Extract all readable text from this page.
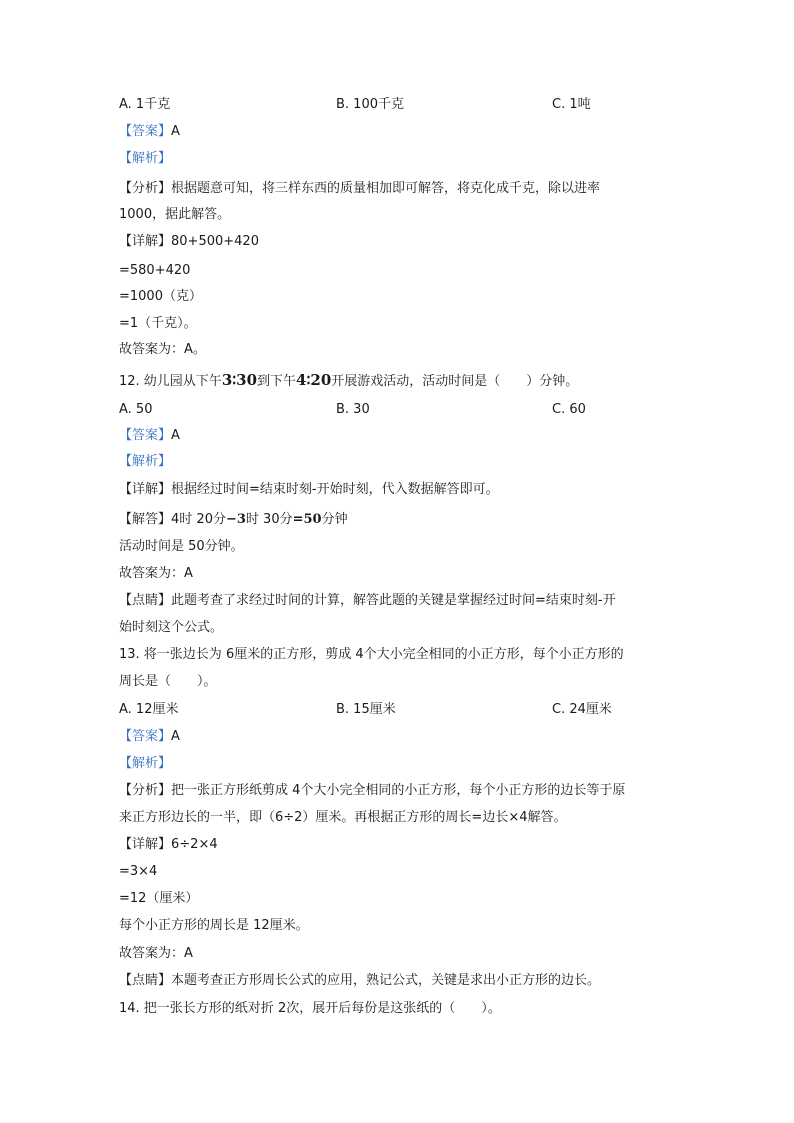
A. 1千克	B. 100千克	C. 1吨
【答案】A
【解析】
【分析】根据题意可知，将三样东西的质量相加即可解答，将克化成千克，除以进率
1000，据此解答。
【详解】80+500+420
=580+420
=1000（克）
=1（千克）。
故答案为：A。
12. 幼儿园从下午3∶30到下午4∶20开展游戏活动，活动时间是（　　）分钟。
A. 50	B. 30	C. 60
【答案】A
【解析】
【详解】根据经过时间=结束时刻-开始时刻，代入数据解答即可。
【解答】4时 20分−3时 30分=50分钟
活动时间是 50分钟。
故答案为：A
【点睛】此题考查了求经过时间的计算，解答此题的关键是掌握经过时间=结束时刻-开
始时刻这个公式。
13. 将一张边长为 6厘米的正方形，剪成 4个大小完全相同的小正方形，每个小正方形的
周长是（　　）。
A. 12厘米	B. 15厘米	C. 24厘米
【答案】A
【解析】
【分析】把一张正方形纸剪成 4个大小完全相同的小正方形，每个小正方形的边长等于原
来正方形边长的一半，即（6÷2）厘米。再根据正方形的周长=边长×4解答。
【详解】6÷2×4
=3×4
=12（厘米）
每个小正方形的周长是 12厘米。
故答案为：A
【点睛】本题考查正方形周长公式的应用，熟记公式，关键是求出小正方形的边长。
14. 把一张长方形的纸对折 2次，展开后每份是这张纸的（　　）。
